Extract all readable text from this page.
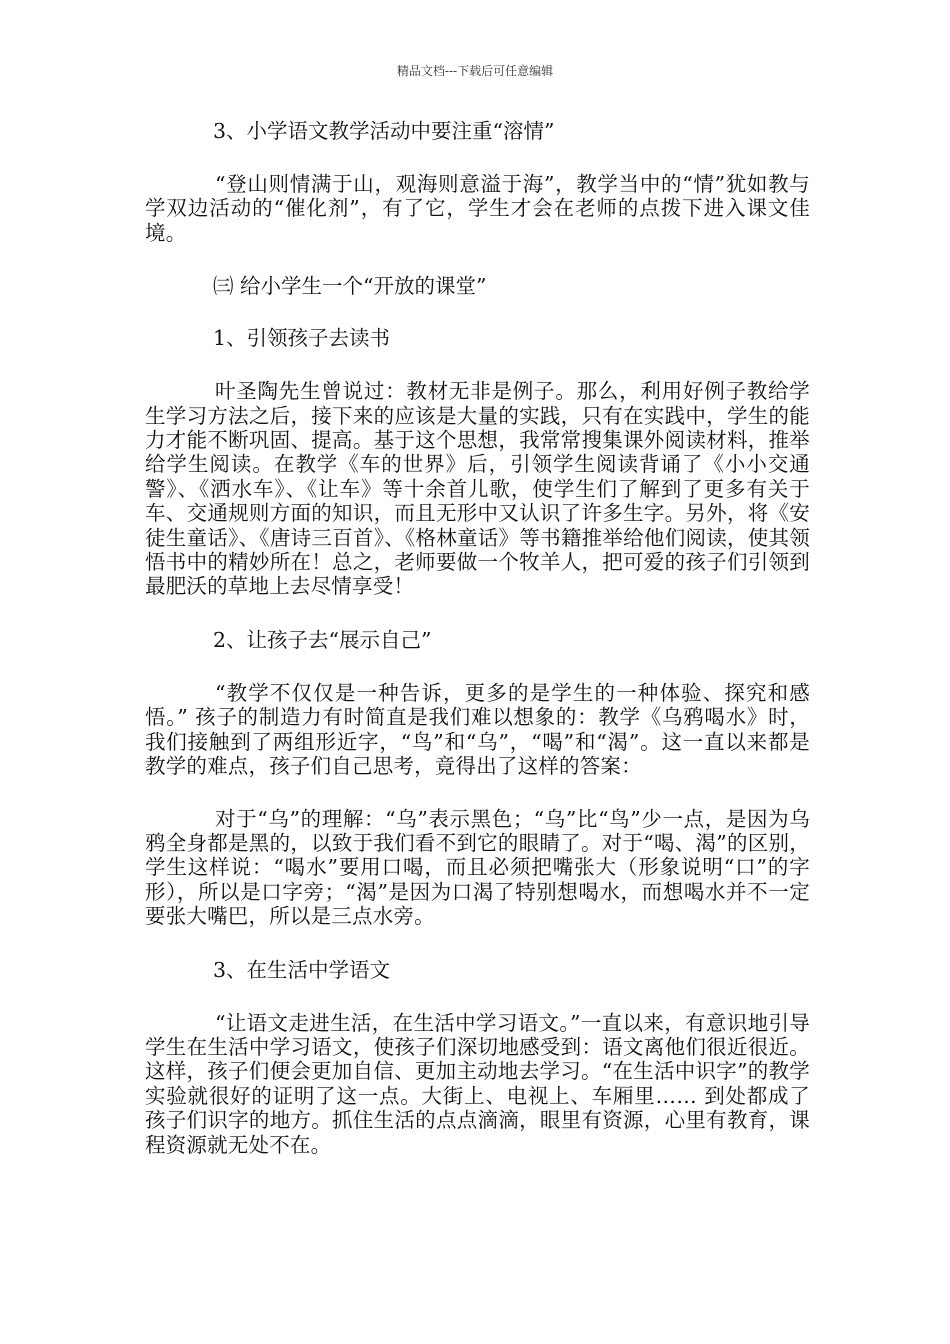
精品文档---下载后可任意编辑

3、小学语文教学活动中要注重“溶情”

“登山则情满于山，观海则意溢于海”，教学当中的“情”犹如教与学双边活动的“催化剂”，有了它，学生才会在老师的点拨下进入课文佳境。

㈢ 给小学生一个“开放的课堂”

1、引领孩子去读书

叶圣陶先生曾说过：教材无非是例子。那么，利用好例子教给学生学习方法之后，接下来的应该是大量的实践，只有在实践中，学生的能力才能不断巩固、提高。基于这个思想，我常常搜集课外阅读材料，推举给学生阅读。在教学《车的世界》后，引领学生阅读背诵了《小小交通警》、《洒水车》、《让车》等十余首儿歌，使学生们了解到了更多有关于车、交通规则方面的知识，而且无形中又认识了许多生字。另外，将《安徒生童话》、《唐诗三百首》、《格林童话》等书籍推举给他们阅读，使其领悟书中的精妙所在！总之，老师要做一个牧羊人，把可爱的孩子们引领到最肥沃的草地上去尽情享受！

2、让孩子去“展示自己”

“教学不仅仅是一种告诉，更多的是学生的一种体验、探究和感悟。” 孩子的制造力有时简直是我们难以想象的：教学《乌鸦喝水》时，我们接触到了两组形近字，“鸟”和“乌”，“喝”和“渴”。这一直以来都是教学的难点，孩子们自己思考，竟得出了这样的答案：

对于“乌”的理解：“乌”表示黑色；“乌”比“鸟”少一点，是因为乌鸦全身都是黑的，以致于我们看不到它的眼睛了。对于“喝、渴”的区别，学生这样说：“喝水”要用口喝，而且必须把嘴张大（形象说明“口”的字形），所以是口字旁；“渴”是因为口渴了特别想喝水，而想喝水并不一定要张大嘴巴，所以是三点水旁。

3、在生活中学语文

“让语文走进生活，在生活中学习语文。”一直以来，有意识地引导学生在生活中学习语文，使孩子们深切地感受到：语文离他们很近很近。这样，孩子们便会更加自信、更加主动地去学习。“在生活中识字”的教学实验就很好的证明了这一点。大街上、电视上、车厢里…… 到处都成了孩子们识字的地方。抓住生活的点点滴滴，眼里有资源，心里有教育，课程资源就无处不在。
